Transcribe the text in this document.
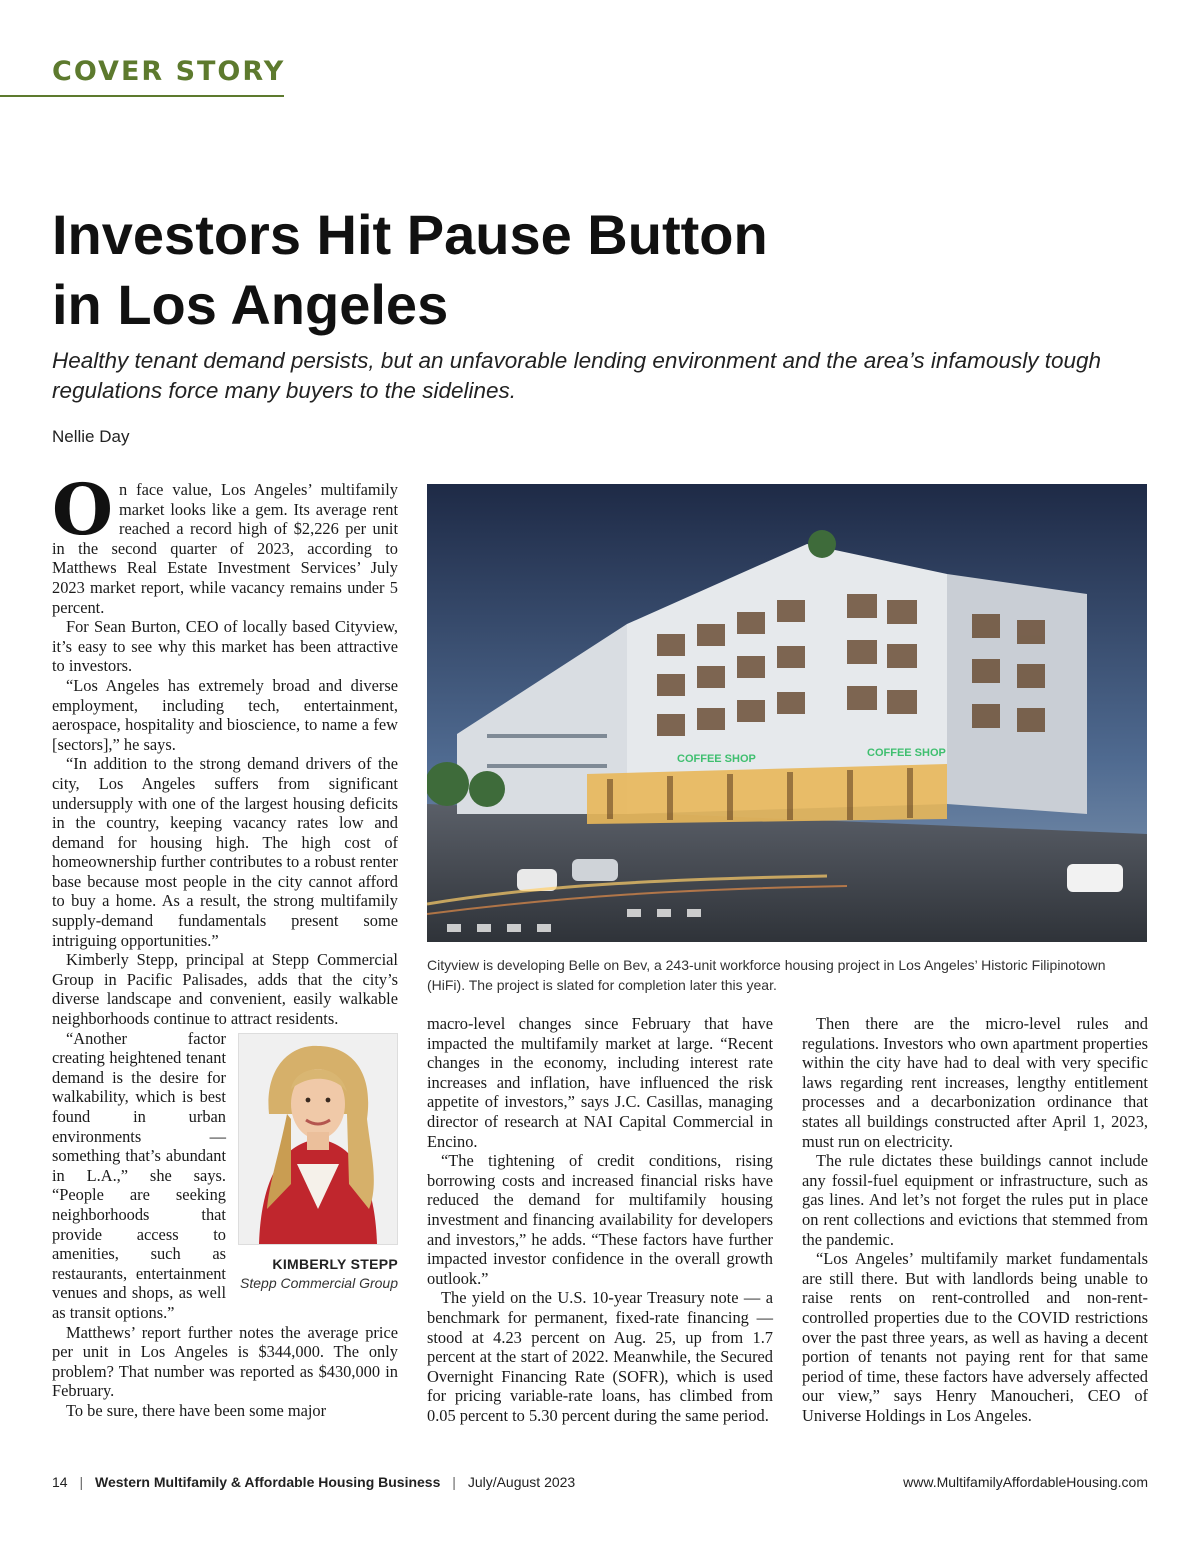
COVER STORY
Investors Hit Pause Button
in Los Angeles

Healthy tenant demand persists, but an unfavorable lending environment and the area’s infamously tough regulations force many buyers to the sidelines.

Nellie Day

On face value, Los Angeles’ multifamily market looks like a gem. Its average rent reached a record high of $2,226 per unit in the second quarter of 2023, according to Matthews Real Estate Investment Services’ July 2023 market report, while vacancy remains under 5 percent.

For Sean Burton, CEO of locally based Cityview, it’s easy to see why this market has been attractive to investors.

“Los Angeles has extremely broad and diverse employment, including tech, entertainment, aerospace, hospitality and bioscience, to name a few [sectors],” he says.

“In addition to the strong demand drivers of the city, Los Angeles suffers from significant undersupply with one of the largest housing deficits in the country, keeping vacancy rates low and demand for housing high. The high cost of homeownership further contributes to a robust renter base because most people in the city cannot afford to buy a home. As a result, the strong multifamily supply-demand fundamentals present some intriguing opportunities.”

Kimberly Stepp, principal at Stepp Commercial Group in Pacific Palisades, adds that the city’s diverse landscape and convenient, easily walkable neighborhoods continue to attract residents.

KIMBERLY STEPP
Stepp Commercial Group

“Another factor creating heightened tenant demand is the desire for walkability, which is best found in urban environments — something that’s abundant in L.A.,” she says. “People are seeking neighborhoods that provide access to amenities, such as restaurants, entertainment venues and shops, as well as transit options.”

Matthews’ report further notes the average price per unit in Los Angeles is $344,000. The only problem? That number was reported as $430,000 in February.

To be sure, there have been some major

COFFEE SHOP	COFFEE SHOP

Cityview is developing Belle on Bev, a 243-unit workforce housing project in Los Angeles’ Historic Filipinotown (HiFi). The project is slated for completion later this year.

macro-level changes since February that have impacted the multifamily market at large. “Recent changes in the economy, including interest rate increases and inflation, have influenced the risk appetite of investors,” says J.C. Casillas, managing director of research at NAI Capital Commercial in Encino.

“The tightening of credit conditions, rising borrowing costs and increased financial risks have reduced the demand for multifamily housing investment and financing availability for developers and investors,” he adds. “These factors have further impacted investor confidence in the overall growth outlook.”

The yield on the U.S. 10-year Treasury note — a benchmark for permanent, fixed-rate financing — stood at 4.23 percent on Aug. 25, up from 1.7 percent at the start of 2022. Meanwhile, the Secured Overnight Financing Rate (SOFR), which is used for pricing variable-rate loans, has climbed from 0.05 percent to 5.30 percent during the same period.

Then there are the micro-level rules and regulations. Investors who own apartment properties within the city have had to deal with very specific laws regarding rent increases, lengthy entitlement processes and a decarbonization ordinance that states all buildings constructed after April 1, 2023, must run on electricity.

The rule dictates these buildings cannot include any fossil-fuel equipment or infrastructure, such as gas lines. And let’s not forget the rules put in place on rent collections and evictions that stemmed from the pandemic.

“Los Angeles’ multifamily market fundamentals are still there. But with landlords being unable to raise rents on rent-controlled and non-rent-controlled properties due to the COVID restrictions over the past three years, as well as having a decent portion of tenants not paying rent for that same period of time, these factors have adversely affected our view,” says Henry Manoucheri, CEO of Universe Holdings in Los Angeles.

14 | Western Multifamily & Affordable Housing Business | July/August 2023	www.MultifamilyAffordableHousing.com
